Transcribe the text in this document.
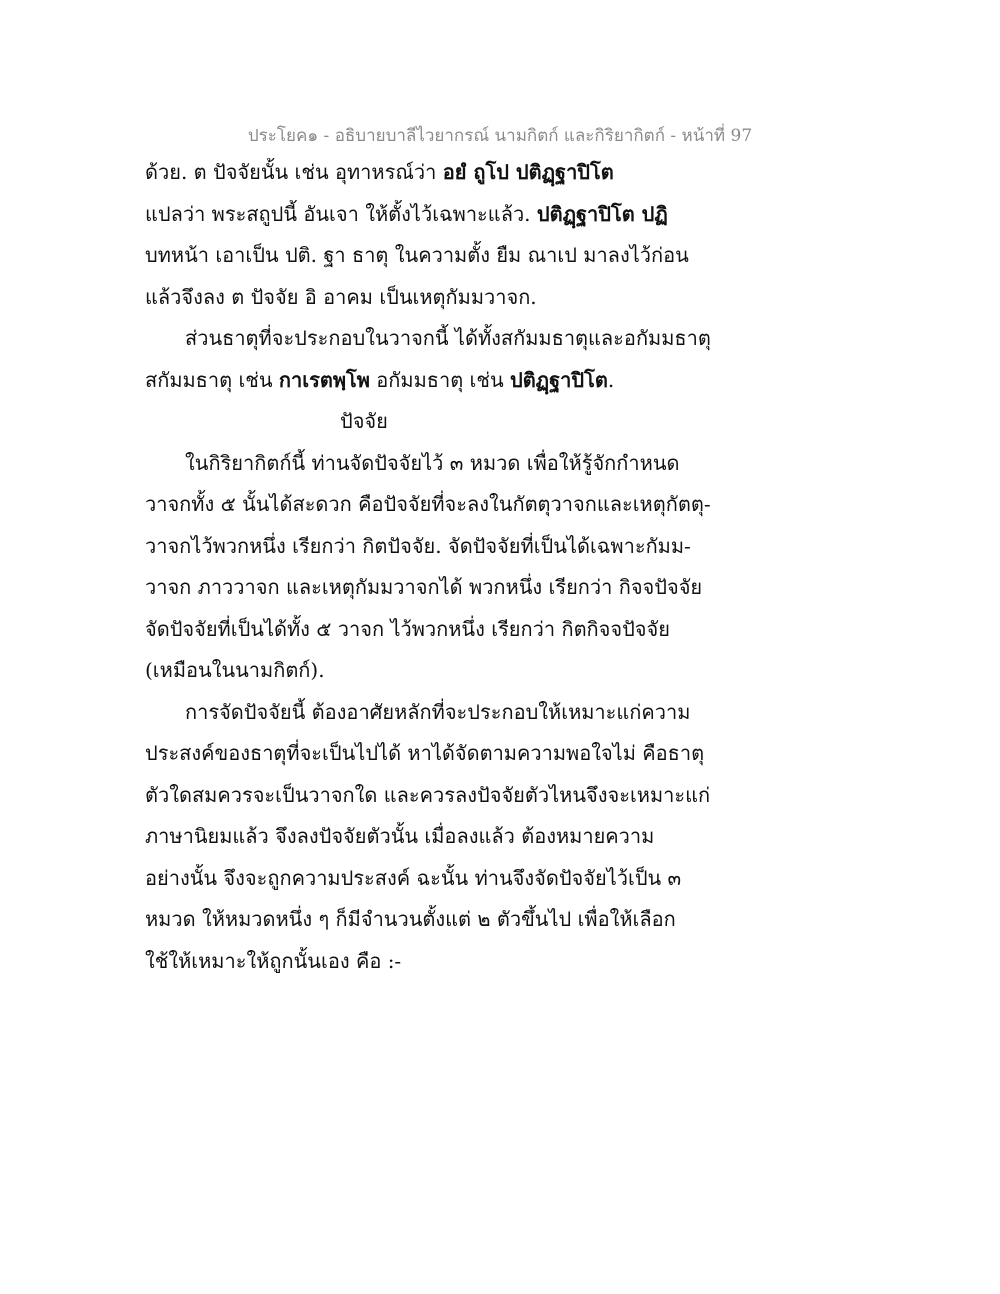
ประโยค๑ - อธิบายบาลีไวยากรณ์ นามกิตก์ และกิริยากิตก์ - หน้าที่ 97
ด้วย. ต ปัจจัยนั้น เช่น อุทาหรณ์ว่า อยํ ถูโป ปติฏฺฐาปิโต
แปลว่า พระสถูปนี้ อันเจา ให้ตั้งไว้เฉพาะแล้ว. ปติฏฺฐาปิโต ปฏิ
บทหน้า เอาเป็น ปติ. ฐา ธาตุ ในความตั้ง ยืม ณาเป มาลงไว้ก่อน
แล้วจึงลง ต ปัจจัย อิ อาคม เป็นเหตุกัมมวาจก.
ส่วนธาตุที่จะประกอบในวาจกนี้ ได้ทั้งสกัมมธาตุและอกัมมธาตุ
สกัมมธาตุ เช่น กาเรตพฺโพ อกัมมธาตุ เช่น ปติฏฺฐาปิโต.
ปัจจัย
ในกิริยากิตก์นี้ ท่านจัดปัจจัยไว้ ๓ หมวด เพื่อให้รู้จักกำหนด
วาจกทั้ง ๕ นั้นได้สะดวก คือปัจจัยที่จะลงในกัตตุวาจกและเหตุกัตตุ-
วาจกไว้พวกหนึ่ง เรียกว่า กิตปัจจัย. จัดปัจจัยที่เป็นได้เฉพาะกัมม-
วาจก ภาววาจก และเหตุกัมมวาจกได้ พวกหนึ่ง เรียกว่า กิจจปัจจัย
จัดปัจจัยที่เป็นได้ทั้ง ๕ วาจก ไว้พวกหนึ่ง เรียกว่า กิตกิจจปัจจัย
(เหมือนในนามกิตก์).
การจัดปัจจัยนี้ ต้องอาศัยหลักที่จะประกอบให้เหมาะแก่ความ
ประสงค์ของธาตุที่จะเป็นไปได้ หาได้จัดตามความพอใจไม่ คือธาตุ
ตัวใดสมควรจะเป็นวาจกใด และควรลงปัจจัยตัวไหนจึงจะเหมาะแก่
ภาษานิยมแล้ว จึงลงปัจจัยตัวนั้น เมื่อลงแล้ว ต้องหมายความ
อย่างนั้น จึงจะถูกความประสงค์ ฉะนั้น ท่านจึงจัดปัจจัยไว้เป็น ๓
หมวด ให้หมวดหนึ่ง ๆ ก็มีจำนวนตั้งแต่ ๒ ตัวขึ้นไป เพื่อให้เลือก
ใช้ให้เหมาะให้ถูกนั้นเอง คือ :-
